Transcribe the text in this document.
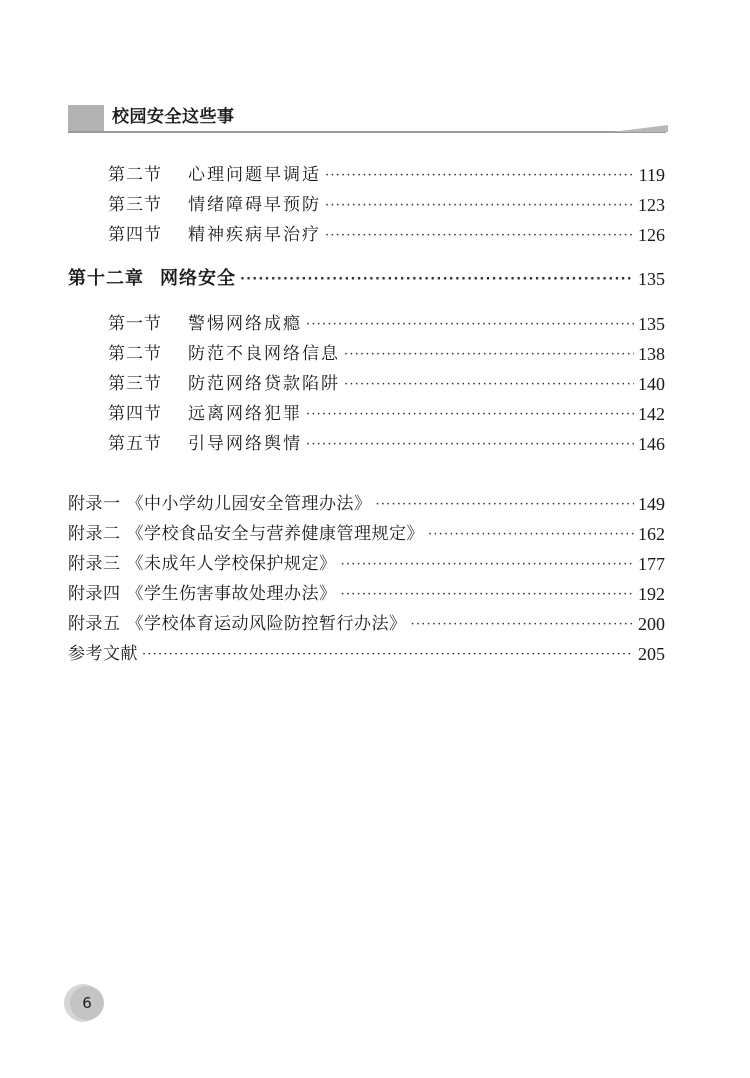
校园安全这些事
第二节	心理问题早调适 ·····	119
第三节	情绪障碍早预防 ·····	123
第四节	精神疾病早治疗 ·····	126
第十二章 网络安全 ·····	135
第一节	警惕网络成瘾 ·····	135
第二节	防范不良网络信息 ·····	138
第三节	防范网络贷款陷阱 ·····	140
第四节	远离网络犯罪 ·····	142
第五节	引导网络舆情 ·····	146
附录一 《中小学幼儿园安全管理办法》 ·····	149
附录二 《学校食品安全与营养健康管理规定》 ·····	162
附录三 《未成年人学校保护规定》 ·····	177
附录四 《学生伤害事故处理办法》 ·····	192
附录五 《学校体育运动风险防控暂行办法》 ·····	200
参考文献 ·····	205
6
